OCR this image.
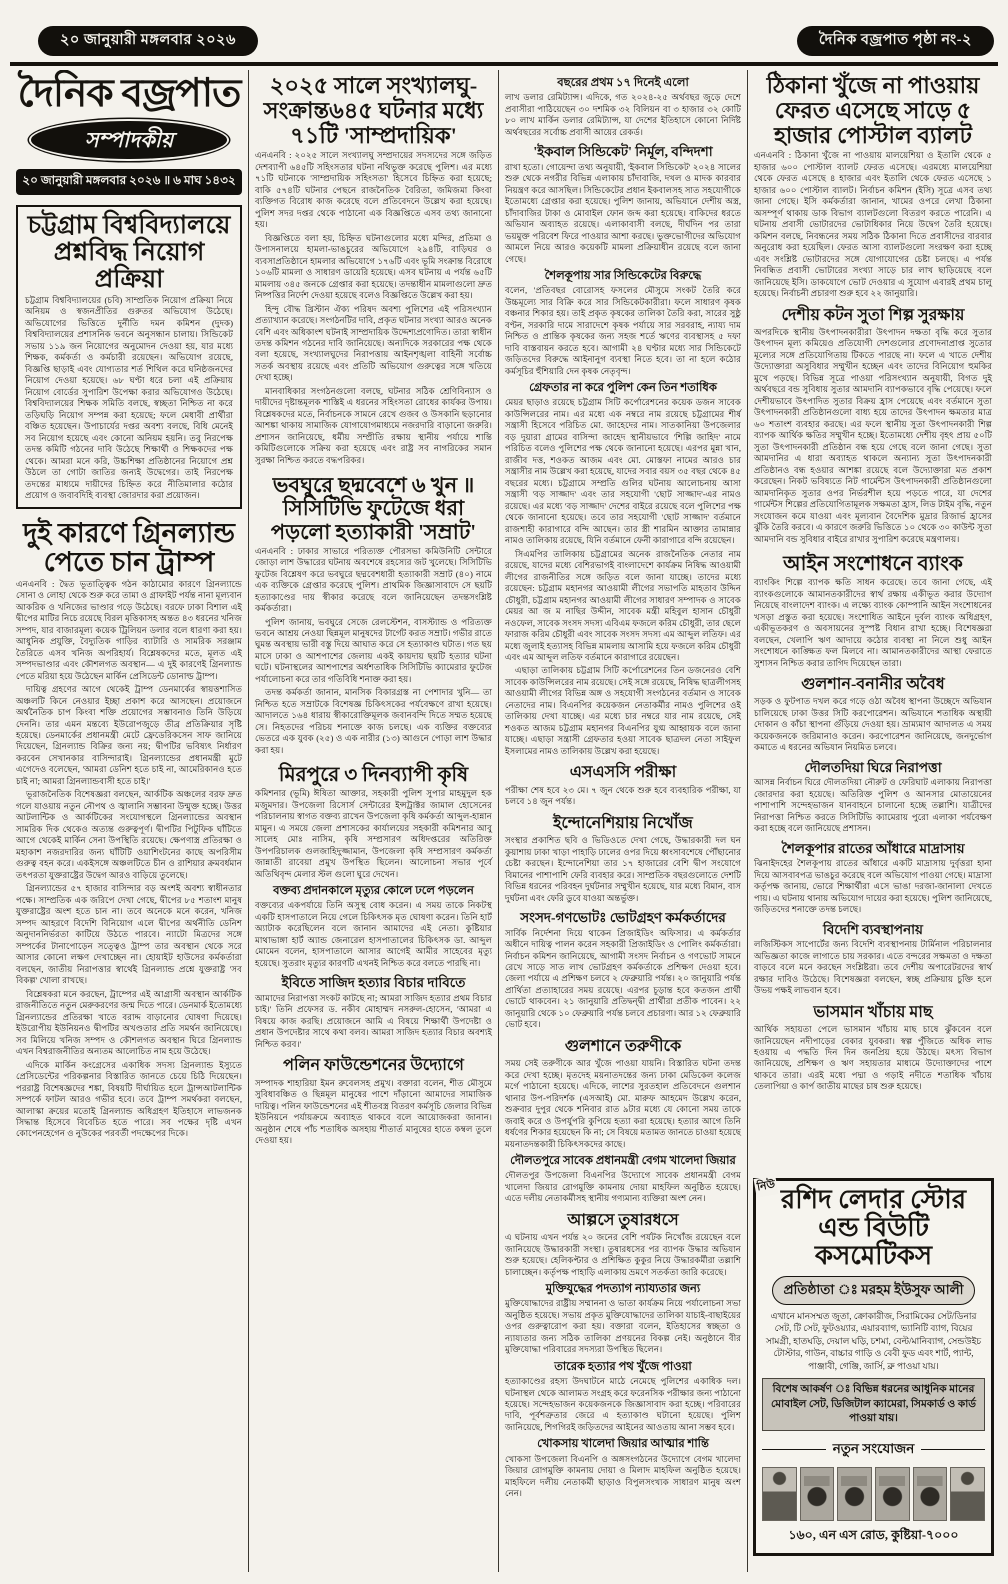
২০ জানুয়ারী মঙ্গলবার ২০২৬	দৈনিক বজ্রপাত পৃষ্ঠা নং-২
দৈনিক বজ্রপাত
সম্পাদকীয়
২০ জানুয়ারী মঙ্গলবার ২০২৬ ॥ ৬ মাঘ ১৪৩২
চট্টগ্রাম বিশ্ববিদ্যালয়ে প্রশ্নবিদ্ধ নিয়োগ প্রক্রিয়া

চট্টগ্রাম বিশ্ববিদ্যালয়ের (চবি) সাম্প্রতিক নিয়োগ প্রক্রিয়া নিয়ে অনিয়ম ও স্বজনপ্রীতির গুরুতর অভিযোগ উঠেছে। অভিযোগের ভিত্তিতে দুর্নীতি দমন কমিশন (দুদক) বিশ্ববিদ্যালয়ের প্রশাসনিক ভবনে অনুসন্ধান চালায়। সিন্ডিকেট সভায় ১১৯ জন নিয়োগের অনুমোদন দেওয়া হয়, যার মধ্যে শিক্ষক, কর্মকর্তা ও কর্মচারী রয়েছেন। অভিযোগ রয়েছে, বিজ্ঞপ্তি ছাড়াই এবং যোগ্যতার শর্ত শিথিল করে ঘনিষ্ঠজনদের নিয়োগ দেওয়া হয়েছে। ৬৮ ঘণ্টা ধরে চলা এই প্রক্রিয়ায় নিয়োগ বোর্ডের সুপারিশ উপেক্ষা করার অভিযোগও উঠেছে। বিশ্ববিদ্যালয়ের শিক্ষক সমিতি বলছে, স্বচ্ছতা নিশ্চিত না করে তড়িঘড়ি নিয়োগ সম্পন্ন করা হয়েছে; ফলে মেধাবী প্রার্থীরা বঞ্চিত হয়েছেন। উপাচার্যের দপ্তর অবশ্য বলছে, বিধি মেনেই সব নিয়োগ হয়েছে এবং কোনো অনিয়ম হয়নি। তবু নিরপেক্ষ তদন্ত কমিটি গঠনের দাবি উঠেছে শিক্ষার্থী ও শিক্ষকদের পক্ষ থেকে। আমরা মনে করি, উচ্চশিক্ষা প্রতিষ্ঠানের নিয়োগে প্রশ্ন উঠলে তা গোটা জাতির জন্যই উদ্বেগের। তাই নিরপেক্ষ তদন্তের মাধ্যমে দায়ীদের চিহ্নিত করে নীতিমালার কঠোর প্রয়োগ ও জবাবদিহি ব্যবস্থা জোরদার করা প্রয়োজন।

দুই কারণে গ্রিনল্যান্ড পেতে চান ট্রাম্প

এনএনবি : দ্বৈত ভূতাত্ত্বিক গঠন কাঠামোর কারণে গ্রিনল্যান্ডে সোনা ও লোহা থেকে শুরু করে তামা ও গ্রাফাইট পর্যন্ত নানা মূল্যবান আকরিক ও খনিজের ভাণ্ডার গড়ে উঠেছে। বরফে ঢাকা বিশাল এই দ্বীপের মাটির নিচে রয়েছে বিরল মৃত্তিকাসহ অন্তত ৪৩ ধরনের খনিজ সম্পদ, যার বাজারমূল্য কয়েক ট্রিলিয়ন ডলার বলে ধারণা করা হয়। আধুনিক প্রযুক্তি, বৈদ্যুতিক গাড়ির ব্যাটারি ও সামরিক সরঞ্জাম তৈরিতে এসব খনিজ অপরিহার্য। বিশ্লেষকদের মতে, মূলত এই সম্পদভাণ্ডার এবং কৌশলগত অবস্থান— এ দুই কারণেই গ্রিনল্যান্ড পেতে মরিয়া হয়ে উঠেছেন মার্কিন প্রেসিডেন্ট ডোনাল্ড ট্রাম্প।

দায়িত্ব গ্রহণের আগে থেকেই ট্রাম্প ডেনমার্কের স্বায়ত্তশাসিত অঞ্চলটি কিনে নেওয়ার ইচ্ছা প্রকাশ করে আসছেন। প্রয়োজনে অর্থনৈতিক চাপ কিংবা শক্তি প্রয়োগের সম্ভাবনাও তিনি উড়িয়ে দেননি। তার এমন মন্তব্যে ইউরোপজুড়ে তীব্র প্রতিক্রিয়ার সৃষ্টি হয়েছে। ডেনমার্কের প্রধানমন্ত্রী মেটে ফ্রেডেরিকসেন সাফ জানিয়ে দিয়েছেন, গ্রিনল্যান্ড বিক্রির জন্য নয়; দ্বীপটির ভবিষ্যৎ নির্ধারণ করবেন সেখানকার বাসিন্দারাই। গ্রিনল্যান্ডের প্রধানমন্ত্রী মুটে এগেদেও বলেছেন, 'আমরা ডেনিশ হতে চাই না, আমেরিকানও হতে চাই না; আমরা গ্রিনল্যান্ডবাসী হতে চাই।'

ভূরাজনৈতিক বিশেষজ্ঞরা বলছেন, আর্কটিক অঞ্চলের বরফ দ্রুত গলে যাওয়ায় নতুন নৌপথ ও জ্বালানি সম্ভাবনা উন্মুক্ত হচ্ছে। উত্তর আটলান্টিক ও আর্কটিকের সংযোগস্থলে গ্রিনল্যান্ডের অবস্থান সামরিক দিক থেকেও অত্যন্ত গুরুত্বপূর্ণ। দ্বীপটির পিটুফিক ঘাঁটিতে আগে থেকেই মার্কিন সেনা উপস্থিতি রয়েছে। ক্ষেপণাস্ত্র প্রতিরক্ষা ও মহাকাশ নজরদারির জন্য ঘাঁটিটি ওয়াশিংটনের কাছে অপরিসীম গুরুত্ব বহন করে। একইসঙ্গে অঞ্চলটিতে চীন ও রাশিয়ার ক্রমবর্ধমান তৎপরতা যুক্তরাষ্ট্রের উদ্বেগ আরও বাড়িয়ে তুলেছে।

গ্রিনল্যান্ডের ৫৭ হাজার বাসিন্দার বড় অংশই অবশ্য স্বাধীনতার পক্ষে। সাম্প্রতিক এক জরিপে দেখা গেছে, দ্বীপের ৮৫ শতাংশ মানুষ যুক্তরাষ্ট্রের অংশ হতে চান না। তবে অনেকে মনে করেন, খনিজ সম্পদ আহরণে বিদেশি বিনিয়োগ এলে দ্বীপের অর্থনীতি ডেনিশ অনুদাননির্ভরতা কাটিয়ে উঠতে পারবে। ন্যাটো মিত্রদের সঙ্গে সম্পর্কের টানাপোড়েন সত্ত্বেও ট্রাম্প তার অবস্থান থেকে সরে আসার কোনো লক্ষণ দেখাচ্ছেন না। হোয়াইট হাউসের কর্মকর্তারা বলছেন, জাতীয় নিরাপত্তার স্বার্থেই গ্রিনল্যান্ড প্রশ্নে যুক্তরাষ্ট্র 'সব বিকল্প' খোলা রাখছে।

বিশ্লেষকরা মনে করছেন, ট্রাম্পের এই আগ্রাসী অবস্থান আর্কটিক রাজনীতিতে নতুন মেরুকরণের জন্ম দিতে পারে। ডেনমার্ক ইতোমধ্যে গ্রিনল্যান্ডের প্রতিরক্ষা খাতে বরাদ্দ বাড়ানোর ঘোষণা দিয়েছে। ইউরোপীয় ইউনিয়নও দ্বীপটির অখণ্ডতার প্রতি সমর্থন জানিয়েছে। সব মিলিয়ে খনিজ সম্পদ ও কৌশলগত অবস্থান ঘিরে গ্রিনল্যান্ড এখন বিশ্বরাজনীতির অন্যতম আলোচিত নাম হয়ে উঠেছে।

এদিকে মার্কিন কংগ্রেসের একাধিক সদস্য গ্রিনল্যান্ড ইস্যুতে প্রেসিডেন্টের পরিকল্পনার বিস্তারিত জানতে চেয়ে চিঠি দিয়েছেন। পররাষ্ট্র বিশেষজ্ঞদের শঙ্কা, বিষয়টি দীর্ঘায়িত হলে ট্রান্সআটলান্টিক সম্পর্কে ফাটল আরও গভীর হবে। তবে ট্রাম্প সমর্থকরা বলছেন, আলাস্কা ক্রয়ের মতোই গ্রিনল্যান্ড অধিগ্রহণ ইতিহাসে লাভজনক সিদ্ধান্ত হিসেবে বিবেচিত হতে পারে। সব পক্ষের দৃষ্টি এখন কোপেনহেগেন ও নুউকের পরবর্তী পদক্ষেপের দিকে।

২০২৫ সালে সংখ্যালঘু-সংক্রান্ত৬৪৫ ঘটনার মধ্যে ৭১টি 'সাম্প্রদায়িক'

এনএনবি : ২০২৫ সালে সংখ্যালঘু সম্প্রদায়ের সদস্যদের সঙ্গে জড়িত দেশব্যাপী ৬৪৫টি সহিংসতার ঘটনা নথিভুক্ত করেছে পুলিশ। এর মধ্যে ৭১টি ঘটনাকে 'সাম্প্রদায়িক সহিংসতা' হিসেবে চিহ্নিত করা হয়েছে; বাকি ৫৭৪টি ঘটনার পেছনে রাজনৈতিক বৈরিতা, জমিজমা কিংবা ব্যক্তিগত বিরোধ কাজ করেছে বলে প্রতিবেদনে উল্লেখ করা হয়েছে। পুলিশ সদর দপ্তর থেকে পাঠানো এক বিজ্ঞপ্তিতে এসব তথ্য জানানো হয়।

বিজ্ঞপ্তিতে বলা হয়, চিহ্নিত ঘটনাগুলোর মধ্যে মন্দির, প্রতিমা ও উপাসনালয়ে হামলা-ভাঙচুরের অভিযোগে ২৯৪টি, বাড়িঘর ও ব্যবসাপ্রতিষ্ঠানে হামলার অভিযোগে ১৭৬টি এবং ভূমি সংক্রান্ত বিরোধে ১০৬টি মামলা ও সাধারণ ডায়েরি হয়েছে। এসব ঘটনায় এ পর্যন্ত ৬৫টি মামলায় ৩৪৫ জনকে গ্রেপ্তার করা হয়েছে। তদন্তাধীন মামলাগুলো দ্রুত নিষ্পত্তির নির্দেশ দেওয়া হয়েছে বলেও বিজ্ঞপ্তিতে উল্লেখ করা হয়।

হিন্দু বৌদ্ধ খ্রিস্টান ঐক্য পরিষদ অবশ্য পুলিশের এই পরিসংখ্যান প্রত্যাখ্যান করেছে। সংগঠনটির দাবি, প্রকৃত ঘটনার সংখ্যা আরও অনেক বেশি এবং অধিকাংশ ঘটনাই সাম্প্রদায়িক উদ্দেশ্যপ্রণোদিত। তারা স্বাধীন তদন্ত কমিশন গঠনের দাবি জানিয়েছে। অন্যদিকে সরকারের পক্ষ থেকে বলা হয়েছে, সংখ্যালঘুদের নিরাপত্তায় আইনশৃঙ্খলা বাহিনী সর্বোচ্চ সতর্ক অবস্থায় রয়েছে এবং প্রতিটি অভিযোগ গুরুত্বের সঙ্গে খতিয়ে দেখা হচ্ছে।

মানবাধিকার সংগঠনগুলো বলছে, ঘটনার সঠিক শ্রেণিবিন্যাস ও দায়ীদের দৃষ্টান্তমূলক শাস্তিই এ ধরনের সহিংসতা রোধের কার্যকর উপায়। বিশ্লেষকদের মতে, নির্বাচনকে সামনে রেখে গুজব ও উসকানি ছড়ানোর আশঙ্কা থাকায় সামাজিক যোগাযোগমাধ্যমে নজরদারি বাড়ানো জরুরি। প্রশাসন জানিয়েছে, ধর্মীয় সম্প্রীতি রক্ষায় স্থানীয় পর্যায়ে শান্তি কমিটিগুলোকে সক্রিয় করা হয়েছে এবং রাষ্ট্র সব নাগরিকের সমান সুরক্ষা নিশ্চিত করতে বদ্ধপরিকর।

ভবঘুরে ছদ্মবেশে ৬ খুন ॥ সিসিটিভি ফুটেজে ধরা পড়লো হত্যাকারী 'সম্রাট'

এনএনবি : ঢাকার সাভারে পরিত্যক্ত পৌরসভা কমিউনিটি সেন্টারে জোড়া লাশ উদ্ধারের ঘটনায় অবশেষে রহস্যের জট খুলেছে। সিসিটিভি ফুটেজ বিশ্লেষণ করে ভবঘুরে ছদ্মবেশধারী হত্যাকারী সম্রাট (৪০) নামে এক ব্যক্তিকে গ্রেপ্তার করেছে পুলিশ। প্রাথমিক জিজ্ঞাসাবাদে সে ছয়টি হত্যাকাণ্ডের দায় স্বীকার করেছে বলে জানিয়েছেন তদন্তসংশ্লিষ্ট কর্মকর্তারা।

পুলিশ জানায়, ভবঘুরে সেজে রেলস্টেশন, বাসস্ট্যান্ড ও পরিত্যক্ত ভবনে আশ্রয় নেওয়া ছিন্নমূল মানুষদের টার্গেট করত সম্রাট। গভীর রাতে ঘুমন্ত অবস্থায় ভারী বস্তু দিয়ে আঘাত করে সে হত্যাকাণ্ড ঘটাত। গত ছয় মাসে ঢাকা ও আশপাশের জেলায় একই কায়দায় ছয়টি হত্যার ঘটনা ঘটে। ঘটনাস্থলের আশপাশের অর্ধশতাধিক সিসিটিভি ক্যামেরার ফুটেজ পর্যালোচনা করে তার গতিবিধি শনাক্ত করা হয়।

তদন্ত কর্মকর্তা জানান, মানসিক বিকারগ্রস্ত না পেশাদার খুনি— তা নিশ্চিত হতে সম্রাটকে বিশেষজ্ঞ চিকিৎসকের পর্যবেক্ষণে রাখা হয়েছে। আদালতে ১৬৪ ধারায় স্বীকারোক্তিমূলক জবানবন্দি দিতে সম্মত হয়েছে সে। নিহতদের পরিচয় শনাক্তে কাজ চলছে। এক ব্যক্তির বক্তব্যের ভেতরে এক যুবক (২৫) ও এক নারীর (১৩) আগুনে পোড়া লাশ উদ্ধার করা হয়।

মিরপুরে ৩ দিনব্যাপী কৃষি

কমিশনার (ভূমি) ঈষিতা আক্তার, সহকারী পুলিশ সুপার মাহমুদুল হক মজুমদার। উপজেলা রিসোর্স সেন্টারের ইন্সট্রাক্টর জামাল হোসেনের পরিচালনায় স্বাগত বক্তব্য রাখেন উপজেলা কৃষি কর্মকর্তা আব্দুল-হান্নান মামুন। এ সময়ে জেলা প্রশাসকের কার্যালয়ের সহকারী কমিশনার আবু সালেহ মোঃ নাসিম, কৃষি সম্প্রসারণ অধিদপ্তরের অতিরিক্ত উপপরিচালক গুলজাহিদুজ্জামান, উপজেলা কৃষি সম্প্রসারণ কর্মকর্তা জান্নাতী রাবেয়া প্রমুখ উপস্থিত ছিলেন। আলোচনা সভার পূর্বে অতিথিবৃন্দ মেলার স্টল গুলো ঘুরে দেখেন।

বক্তব্য প্রদানকালে মৃত্যুর কোলে ঢলে পড়লেন

বক্তব্যের একপর্যায়ে তিনি অসুস্থ বোধ করেন। এ সময় তাকে নিকটস্থ একটি হাসপাতালে নিয়ে গেলে চিকিৎসক মৃত ঘোষণা করেন। তিনি হার্ট অ্যাটাক করেছিলেন বলে জানান আমাদের এই নেতা। কুষ্টিয়ার মাথাভাঙ্গা হার্ট অ্যান্ড জেনারেল হাসপাতালের চিকিৎসক ডা. আব্দুল মোমেন বলেন, হাসপাতালে আসার আগেই আমীর সাহেবের মৃত্যু হয়েছে। সুতরাং মৃত্যুর কারণটি এখনই নিশ্চিত করে বলতে পারছি না।

ইবিতে সাজিদ হত্যার বিচার দাবিতে

আমাদের নিরাপত্তা সংকট কাটছে না; আমরা সাজিদ হত্যার প্রথম বিচার চাই।' তিনি প্রফেসর ড. নকীব মোহাম্মদ নসরুল-হোসেন, 'আমরা এ বিষয়ে কাজ করছি। প্রয়োজনে আমি এ বিষয়ে শিক্ষার্থী উপদেষ্টা ও প্রধান উপদেষ্টার সাথে কথা বলব। আমরা সাজিদ হত্যার বিচার অবশ্যই নিশ্চিত করব।'

পলিন ফাউন্ডেশনের উদ্যোগে

সম্পাদক শাহারিয়া ইমন রুবেলসহ প্রমুখ। বক্তারা বলেন, শীত মৌসুমে সুবিধাবঞ্চিত ও ছিন্নমূল মানুষের পাশে দাঁড়ানো আমাদের সামাজিক দায়িত্ব। পলিন ফাউন্ডেশনের এই শীতবস্ত্র বিতরণ কর্মসূচি জেলার বিভিন্ন ইউনিয়নে পর্যায়ক্রমে অব্যাহত থাকবে বলে আয়োজকরা জানান। অনুষ্ঠান শেষে পাঁচ শতাধিক অসহায় শীতার্ত মানুষের হাতে কম্বল তুলে দেওয়া হয়।

বছরের প্রথম ১৭ দিনেই এলো

লাখ ডলার রেমিট্যান্স। এদিকে, গত ২০২৪-২৫ অর্থবছর জুড়ে দেশে প্রবাসীরা পাঠিয়েছেন ৩০ দশমিক ৩২ বিলিয়ন বা ৩ হাজার ৩২ কোটি ৮০ লাখ মার্কিন ডলার রেমিট্যান্স, যা দেশের ইতিহাসে কোনো নির্দিষ্ট অর্থবছরের সর্বোচ্চ প্রবাসী আয়ের রেকর্ড।

'ইকবাল সিন্ডিকেট' নির্মূল, বন্দিদশা

রাখা হতো। গোয়েন্দা তথ্য অনুযায়ী, 'ইকবাল সিন্ডিকেট' ২০২৪ সালের শুরু থেকে নগরীর বিভিন্ন এলাকায় চাঁদাবাজি, দখল ও মাদক কারবার নিয়ন্ত্রণ করে আসছিল। সিন্ডিকেটের প্রধান ইকবালসহ সাত সহযোগীকে ইতোমধ্যে গ্রেপ্তার করা হয়েছে। পুলিশ জানায়, অভিযানে দেশীয় অস্ত্র, চাঁদাবাজির টাকা ও মোবাইল ফোন জব্দ করা হয়েছে। বাকিদের ধরতে অভিযান অব্যাহত রয়েছে। এলাকাবাসী বলছে, দীর্ঘদিন পর তারা ভয়মুক্ত পরিবেশ ফিরে পাওয়ার আশা করছে। ভুক্তভোগীদের অভিযোগ আমলে নিয়ে আরও কয়েকটি মামলা প্রক্রিয়াধীন রয়েছে বলে জানা গেছে।

শৈলকূপায় সার সিন্ডিকেটের বিরুদ্ধে

বলেন, 'প্রতিবছর বোরোসহ ফসলের মৌসুমে সংকট তৈরি করে উচ্চমূল্যে সার বিক্রি করে সার সিন্ডিকেটকারীরা। ফলে সাধারণ কৃষক বঞ্চনার শিকার হয়। তাই প্রকৃত কৃষকের তালিকা তৈরি করা, সারের সুষ্ঠু বণ্টন, সরকারি দামে সারাদেশে কৃষক পর্যায়ে সার সরবরাহ, ন্যায্য দাম নিশ্চিত ও প্রান্তিক কৃষকের জন্য সহজ শর্তে ঋণের ব্যবস্থাসহ ৫ দফা দাবি বাস্তবায়ন করতে হবে। আগামী ২৪ ঘণ্টার মধ্যে সার সিন্ডিকেটে জড়িতদের বিরুদ্ধে আইনানুগ ব্যবস্থা নিতে হবে। তা না হলে কঠোর কর্মসূচির হুঁশিয়ারি দেন কৃষক নেতৃবৃন্দ।

গ্রেফতার না করে পুলিশ কেন তিন শতাধিক

মেয়র ছাড়াও রয়েছে চট্টগ্রাম সিটি কর্পোরেশনের কয়েক ডজন সাবেক কাউন্সিলরের নাম। এর মধ্যে এক নম্বরে নাম রয়েছে চট্টগ্রামের শীর্ষ সন্ত্রাসী হিসেবে পরিচিত মো. জাহেদের নাম। সাতকানিয়া উপজেলার বড় দুয়ারা গ্রামের বাসিন্দা জাহেদ স্থানীয়ভাবে 'শিল্পি জাহিদ' নামে পরিচিত বলেও পুলিশের পক্ষ থেকে জানানো হয়েছে। এরপর মুন্না খান, রাজীব দত্ত, শওকত আজম এবং মো. মোস্তফা নামের আরও চার সন্ত্রাসীর নাম উল্লেখ করা হয়েছে, যাদের সবার বয়স ৩৫ বছর থেকে ৪৫ বছরের মধ্যে। চট্টগ্রামে সম্প্রতি গুলির ঘটনায় আলোচনায় আসা সন্ত্রাসী 'বড় সাজ্জাদ' এবং তার সহযোগী 'ছোট সাজ্জাদ'-এর নামও রয়েছে। এর মধ্যে 'বড় সাজ্জাদ' দেশের বাইরে রয়েছে বলে পুলিশের পক্ষ থেকে জানানো হয়েছে। তবে তার সহযোগী 'ছোট সাজ্জাদ' বর্তমানে রাজশাহী কারাগারে বন্দি আছেন। তার স্ত্রী শারমিন আক্তার তামান্নার নামও তালিকায় রয়েছে, যিনি বর্তমানে ফেনী কারাগারে বন্দি রয়েছেন।

সিএমপির তালিকায় চট্টগ্রামের অনেক রাজনৈতিক নেতার নাম রয়েছে, যাদের মধ্যে বেশিরভাগই বাংলাদেশে কার্যক্রম নিষিদ্ধ আওয়ামী লীগের রাজনীতির সঙ্গে জড়িত বলে জানা যাচ্ছে। তাদের মধ্যে রয়েছেন: চট্টগ্রাম মহানগর আওয়ামী লীগের সভাপতি মাহতাব উদ্দিন চৌধুরী, চট্টগ্রাম মহানগর আওয়ামী লীগের সাধারণ সম্পাদক ও সাবেক মেয়র আ জ ম নাছির উদ্দীন, সাবেক মন্ত্রী মহিবুল হাসান চৌধুরী নওফেল, সাবেক সংসদ সদস্য এবিএম ফজলে করিম চৌধুরী, তার ছেলে ফারাজ করিম চৌধুরী এবং সাবেক সংসদ সদস্য এম আব্দুল লতিফ। এর মধ্যে জুলাই হত্যাসহ বিভিন্ন মামলায় আসামি হয়ে ফজলে করিম চৌধুরী এবং এম আব্দুল লতিফ বর্তমানে কারাগারে রয়েছেন।

এছাড়া তালিকায় চট্টগ্রাম সিটি কর্পোরেশনের তিন ডজনেরও বেশি সাবেক কাউন্সিলরের নাম রয়েছে। সেই সঙ্গে রয়েছে, নিষিদ্ধ ছাত্রলীগসহ আওয়ামী লীগের বিভিন্ন অঙ্গ ও সহযোগী সংগঠনের বর্তমান ও সাবেক নেতাদের নাম। বিএনপির কয়েকজন নেতাকর্মীর নামও পুলিশের ওই তালিকায় দেখা যাচ্ছে। এর মধ্যে চার নম্বরে যার নাম রয়েছে, সেই শওকত আজম চট্টগ্রাম মহানগর বিএনপির যুগ্ম আহ্বায়ক বলে জানা যাচ্ছে। এছাড়া সন্ত্রাসী গ্রেফতার হওয়া সাবেক ছাত্রদল নেতা সাইফুল ইসলামের নামও তালিকায় উল্লেখ করা হয়েছে।

এসএসসি পরীক্ষা

পরীক্ষা শেষ হবে ২৩ মে। ৭ জুন থেকে শুরু হবে ব্যবহারিক পরীক্ষা, যা চলবে ১৪ জুন পর্যন্ত।

ইন্দোনেশিয়ায় নিখোঁজ

সংস্থার প্রকাশিত ছবি ও ভিডিওতে দেখা গেছে, উদ্ধারকারী দল ঘন কুয়াশায় ঢাকা খাড়া পাহাড়ি ঢালের ওপর দিয়ে ধ্বংসাবশেষে পৌঁছানোর চেষ্টা করছেন। ইন্দোনেশিয়া তার ১৭ হাজারের বেশি দ্বীপ সংযোগে বিমানের পাশাপাশি ফেরি ব্যবহার করে। সাম্প্রতিক বছরগুলোতে দেশটি বিভিন্ন ধরনের পরিবহন দুর্ঘটনার সম্মুখীন হয়েছে, যার মধ্যে বিমান, বাস দুর্ঘটনা এবং ফেরি ডুবে যাওয়া অন্তর্ভুক্ত।

সংসদ-গণভোটঃ ভোটগ্রহণ কর্মকর্তাদের

সার্বিক নির্দেশনা দিয়ে থাকেন প্রিজাইডিং অফিসার। এ কর্মকর্তার অধীনে দায়িত্ব পালন করেন সহকারী প্রিজাইডিং ও পোলিং কর্মকর্তারা। নির্বাচন কমিশন জানিয়েছে, আগামী সংসদ নির্বাচন ও গণভোট সামনে রেখে সাড়ে সাত লাখ ভোটগ্রহণ কর্মকর্তাকে প্রশিক্ষণ দেওয়া হবে। জেলা পর্যায়ে এ প্রশিক্ষণ চলবে ২ ফেব্রুয়ারি পর্যন্ত। ২০ জানুয়ারি পর্যন্ত প্রার্থিতা প্রত্যাহারের সময় রয়েছে। এরপর চূড়ান্ত হবে কতজন প্রার্থী ভোটে থাকবেন। ২১ জানুয়ারি প্রতিদ্বন্দ্বী প্রার্থীরা প্রতীক পাবেন। ২২ জানুয়ারি থেকে ১০ ফেব্রুয়ারি পর্যন্ত চলবে প্রচারণা। আর ১২ ফেব্রুয়ারি ভোট হবে।

গুলশানে তরুণীকে

সময় সেই তরুণীকে আর খুঁজে পাওয়া যায়নি। বিস্তারিত ঘটনা তদন্ত করে দেখা হচ্ছে। মৃতদেহ ময়নাতদন্তের জন্য ঢাকা মেডিকেল কলেজ মর্গে পাঠানো হয়েছে। এদিকে, লাশের সুরতহাল প্রতিবেদনে গুলশান থানার উপ-পরিদর্শক (এসআই) মো. মারুফ আহমেদ উল্লেখ করেন, শুক্রবার দুপুর থেকে শনিবার রাত ৯টার মধ্যে যে কোনো সময় তাকে জবাই করে ও উপর্যুপরি কুপিয়ে হত্যা করা হয়েছে। হত্যার আগে তিনি ধর্ষণের শিকার হয়েছেন কি না; সে বিষয়ে মতামত জানতে চাওয়া হয়েছে ময়নাতদন্তকারী চিকিৎসকদের কাছে।

দৌলতপুরে সাবেক প্রধানমন্ত্রী বেগম খালেদা জিয়ার

দৌলতপুর উপজেলা বিএনপির উদ্যোগে সাবেক প্রধানমন্ত্রী বেগম খালেদা জিয়ার রোগমুক্তি কামনায় দোয়া মাহফিল অনুষ্ঠিত হয়েছে। এতে দলীয় নেতাকর্মীসহ স্থানীয় গণ্যমান্য ব্যক্তিরা অংশ নেন।

আল্পসে তুষারধসে

এ ঘটনায় এখন পর্যন্ত ২০ জনের বেশি পর্যটক নিখোঁজ রয়েছেন বলে জানিয়েছে উদ্ধারকারী সংস্থা। তুষারধসের পর ব্যাপক উদ্ধার অভিযান শুরু হয়েছে। হেলিকপ্টার ও প্রশিক্ষিত কুকুর নিয়ে উদ্ধারকর্মীরা তল্লাশি চালাচ্ছেন। কর্তৃপক্ষ পাহাড়ি এলাকায় ভ্রমণে সতর্কতা জারি করেছে।

মুক্তিযুদ্ধের পদত্যাগ ন্যায্যতার জন্য

মুক্তিযোদ্ধাদের রাষ্ট্রীয় সম্মাননা ও ভাতা কার্যক্রম নিয়ে পর্যালোচনা সভা অনুষ্ঠিত হয়েছে। সভায় প্রকৃত মুক্তিযোদ্ধাদের তালিকা যাচাই-বাছাইয়ের ওপর গুরুত্বারোপ করা হয়। বক্তারা বলেন, ইতিহাসের স্বচ্ছতা ও ন্যায্যতার জন্য সঠিক তালিকা প্রণয়নের বিকল্প নেই। অনুষ্ঠানে বীর মুক্তিযোদ্ধা পরিবারের সদস্যরা উপস্থিত ছিলেন।

তারেক হত্যার পথ খুঁজে পাওয়া

হত্যাকাণ্ডের রহস্য উদঘাটনে মাঠে নেমেছে পুলিশের একাধিক দল। ঘটনাস্থল থেকে আলামত সংগ্রহ করে ফরেনসিক পরীক্ষার জন্য পাঠানো হয়েছে। সন্দেহভাজন কয়েকজনকে জিজ্ঞাসাবাদ করা হচ্ছে। পরিবারের দাবি, পূর্বশত্রুতার জেরে এ হত্যাকাণ্ড ঘটানো হয়েছে। পুলিশ জানিয়েছে, শিগগিরই জড়িতদের আইনের আওতায় আনা সম্ভব হবে।

খোকসায় খালেদা জিয়ার আত্মার শান্তি

খোকসা উপজেলা বিএনপি ও অঙ্গসংগঠনের উদ্যোগে বেগম খালেদা জিয়ার রোগমুক্তি কামনায় দোয়া ও মিলাদ মাহফিল অনুষ্ঠিত হয়েছে। মাহফিলে দলীয় নেতাকর্মী ছাড়াও বিপুলসংখ্যক সাধারণ মানুষ অংশ নেন।

ঠিকানা খুঁজে না পাওয়ায় ফেরত এসেছে সাড়ে ৫ হাজার পোস্টাল ব্যালট

এনএনবি : ঠিকানা খুঁজে না পাওয়ায় মালয়েশিয়া ও ইতালি থেকে ৫ হাজার ৬০০ পোস্টাল ব্যালট ফেরত এসেছে। এরমধ্যে মালয়েশিয়া থেকে ফেরত এসেছে ৪ হাজার এবং ইতালি থেকে ফেরত এসেছে ১ হাজার ৬০০ পোস্টাল ব্যালট। নির্বাচন কমিশন (ইসি) সূত্রে এসব তথ্য জানা গেছে। ইসি কর্মকর্তারা জানান, খামের ওপরে লেখা ঠিকানা অসম্পূর্ণ থাকায় ডাক বিভাগ ব্যালটগুলো বিতরণ করতে পারেনি। এ ঘটনায় প্রবাসী ভোটারদের ভোটাধিকার নিয়ে উদ্বেগ তৈরি হয়েছে। কমিশন বলছে, নিবন্ধনের সময় সঠিক ঠিকানা দিতে প্রবাসীদের বারবার অনুরোধ করা হয়েছিল। ফেরত আসা ব্যালটগুলো সংরক্ষণ করা হচ্ছে এবং সংশ্লিষ্ট ভোটারদের সঙ্গে যোগাযোগের চেষ্টা চলছে। এ পর্যন্ত নিবন্ধিত প্রবাসী ভোটারের সংখ্যা সাড়ে চার লাখ ছাড়িয়েছে বলে জানিয়েছে ইসি। ডাকযোগে ভোট দেওয়ার এ সুযোগ এবারই প্রথম চালু হয়েছে। নির্বাচনী প্রচারণা শুরু হবে ২২ জানুয়ারি।

দেশীয় কটন সুতা শিল্প সুরক্ষায়

অপরদিকে স্থানীয় উৎপাদনকারীরা উৎপাদন দক্ষতা বৃদ্ধি করে সুতার উৎপাদন মূল্য কমিয়েও প্রতিযোগী দেশগুলোর প্রণোদনাপ্রাপ্ত সুতোর মূল্যের সঙ্গে প্রতিযোগিতায় টিকতে পারছে না। ফলে এ খাতে দেশীয় উদ্যোক্তারা অসুবিধার সম্মুখীন হচ্ছেন এবং তাদের বিনিয়োগ হুমকির মুখে পড়ছে। বিভিন্ন সূত্রে পাওয়া পরিসংখ্যান অনুযায়ী, বিগত দুই অর্থবছরে বন্ড সুবিধায় সুতার আমদানি ব্যাপকভাবে বৃদ্ধি পেয়েছে। ফলে দেশীয়ভাবে উৎপাদিত সুতার বিক্রয় হ্রাস পেয়েছে এবং বর্তমানে সুতা উৎপাদনকারী প্রতিষ্ঠানগুলো বাধ্য হয়ে তাদের উৎপাদন ক্ষমতার মাত্র ৬০ শতাংশ ব্যবহার করছে। এর ফলে স্থানীয় সুতা উৎপাদনকারী শিল্প ব্যাপক আর্থিক ক্ষতির সম্মুখীন হচ্ছে। ইতোমধ্যে দেশীয় বৃহৎ প্রায় ৫০টি সুতা উৎপাদনকারী প্রতিষ্ঠান বন্ধ হয়ে গেছে বলে জানা গেছে। সুতা আমদানির এ ধারা অব্যাহত থাকলে অন্যান্য সুতা উৎপাদনকারী প্রতিষ্ঠানও বন্ধ হওয়ার আশঙ্কা রয়েছে বলে উদ্যোক্তারা মত প্রকাশ করেছেন। নিকট ভবিষ্যতে নিট গার্মেন্টস উৎপাদনকারী প্রতিষ্ঠানগুলো আমদানিকৃত সুতার ওপর নির্ভরশীল হয়ে পড়তে পারে, যা দেশের গার্মেন্টস শিল্পের প্রতিযোগিতামূলক সক্ষমতা হ্রাস, লিড টাইম বৃদ্ধি, নতুন সংযোজন কমে যাওয়া এবং মূল্যবান বৈদেশিক মুদ্রার রিজার্ভ হ্রাসের ঝুঁকি তৈরি করবে। এ কারণে জরুরি ভিত্তিতে ১০ থেকে ৩০ কাউন্ট সুতা আমদানি বন্ড সুবিধার বাইরে রাখার সুপারিশ করেছে মন্ত্রণালয়।

আইন সংশোধনে ব্যাংক

ব্যাংকিং শিল্পে ব্যাপক ক্ষতি সাধন করেছে। তবে জানা গেছে, এই ব্যাংকগুলোকে আমানতকারীদের স্বার্থ রক্ষায় একীভূত করার উদ্যোগ নিয়েছে বাংলাদেশ ব্যাংক। এ লক্ষ্যে ব্যাংক কোম্পানি আইন সংশোধনের খসড়া প্রস্তুত করা হয়েছে। সংশোধিত আইনে দুর্বল ব্যাংক অধিগ্রহণ, একীভূতকরণ ও অবসায়নের সুস্পষ্ট বিধান রাখা হচ্ছে। বিশেষজ্ঞরা বলছেন, খেলাপি ঋণ আদায়ে কঠোর ব্যবস্থা না নিলে শুধু আইন সংশোধনে কাঙ্ক্ষিত ফল মিলবে না। আমানতকারীদের আস্থা ফেরাতে সুশাসন নিশ্চিত করার তাগিদ দিয়েছেন তারা।

গুলশান-বনানীর অবৈধ

সড়ক ও ফুটপাত দখল করে গড়ে ওঠা অবৈধ স্থাপনা উচ্ছেদে অভিযান চালিয়েছে ঢাকা উত্তর সিটি করপোরেশন। অভিযানে শতাধিক অস্থায়ী দোকান ও কাঁচা স্থাপনা গুঁড়িয়ে দেওয়া হয়। ভ্রাম্যমাণ আদালত এ সময় কয়েকজনকে জরিমানাও করেন। করপোরেশন জানিয়েছে, জনদুর্ভোগ কমাতে এ ধরনের অভিযান নিয়মিত চলবে।

দৌলতদিয়া ঘিরে নিরাপত্তা

আসন্ন নির্বাচন ঘিরে দৌলতদিয়া নৌরুট ও ফেরিঘাট এলাকায় নিরাপত্তা জোরদার করা হয়েছে। অতিরিক্ত পুলিশ ও আনসার মোতায়েনের পাশাপাশি সন্দেহভাজন যানবাহনে চালানো হচ্ছে তল্লাশি। যাত্রীদের নিরাপত্তা নিশ্চিত করতে সিসিটিভি ক্যামেরায় পুরো এলাকা পর্যবেক্ষণ করা হচ্ছে বলে জানিয়েছে প্রশাসন।

শৈলকূপার রাতের আঁধারে মাদ্রাসায়

ঝিনাইদহের শৈলকূপায় রাতের আঁধারে একটি মাদ্রাসায় দুর্বৃত্তরা হানা দিয়ে আসবাবপত্র ভাঙচুর করেছে বলে অভিযোগ পাওয়া গেছে। মাদ্রাসা কর্তৃপক্ষ জানায়, ভোরে শিক্ষার্থীরা এসে ভাঙা দরজা-জানালা দেখতে পায়। এ ঘটনায় থানায় অভিযোগ দায়ের করা হয়েছে। পুলিশ জানিয়েছে, জড়িতদের শনাক্তে তদন্ত চলছে।

বিদেশি ব্যবস্থাপনায়

লজিস্টিকস সাপোর্টের জন্য বিদেশি ব্যবস্থাপনায় টার্মিনাল পরিচালনার অভিজ্ঞতা কাজে লাগাতে চায় সরকার। এতে বন্দরের সক্ষমতা ও দক্ষতা বাড়বে বলে মনে করছেন সংশ্লিষ্টরা। তবে দেশীয় অপারেটরদের স্বার্থ রক্ষার দাবিও উঠেছে। বিশেষজ্ঞরা বলছেন, স্বচ্ছ প্রক্রিয়ায় চুক্তি হলে উভয় পক্ষই লাভবান হবে।

ভাসমান খাঁচায় মাছ

আর্থিক সহায়তা পেলে ভাসমান খাঁচায় মাছ চাষে ঝুঁকবেন বলে জানিয়েছেন নদীপাড়ের বেকার যুবকরা। স্বল্প পুঁজিতে অধিক লাভ হওয়ায় এ পদ্ধতি দিন দিন জনপ্রিয় হয়ে উঠছে। মৎস্য বিভাগ জানিয়েছে, প্রশিক্ষণ ও ঋণ সহায়তার মাধ্যমে উদ্যোক্তাদের পাশে থাকবে তারা। এরই মধ্যে পদ্মা ও গড়াই নদীতে শতাধিক খাঁচায় তেলাপিয়া ও কার্প জাতীয় মাছের চাষ শুরু হয়েছে।

নিউ রশিদ লেদার স্টোর এন্ড বিউটি কসমেটিকস
প্রতিষ্ঠাতা ঃ মরহম ইউসুফ আলী
এখানে মানসম্মত জুতা, ক্রোকারীজ, সিরামিকের সেট/ডিনার সেট, টি সেট, ফুটওয়্যার, এয়ারব্যাগ, ভ্যানিটি ব্যাগ, বিয়ের সামগ্রী, হাতঘড়ি, দেয়াল ঘড়ি, চশমা, বেল্ট/মানিব্যাগ, সেন্ডউইচ টোস্টার, গাউন, বাচ্চার গাড়ি ও বেবী ফুড এবং শার্ট, প্যান্ট, পাঞ্জাবী, গেঞ্জি, জার্সি, ব্রু পাওয়া যায়।
বিশেষ আকর্ষণ ঃ বিভিন্ন ধরনের আধুনিক মানের মোবাইল সেট, ডিজিটাল ক্যামেরা, সিমকার্ড ও কার্ড পাওয়া যায়।
নতুন সংযোজন
১৬০, এন এস রোড, কুষ্টিয়া-৭০০০
